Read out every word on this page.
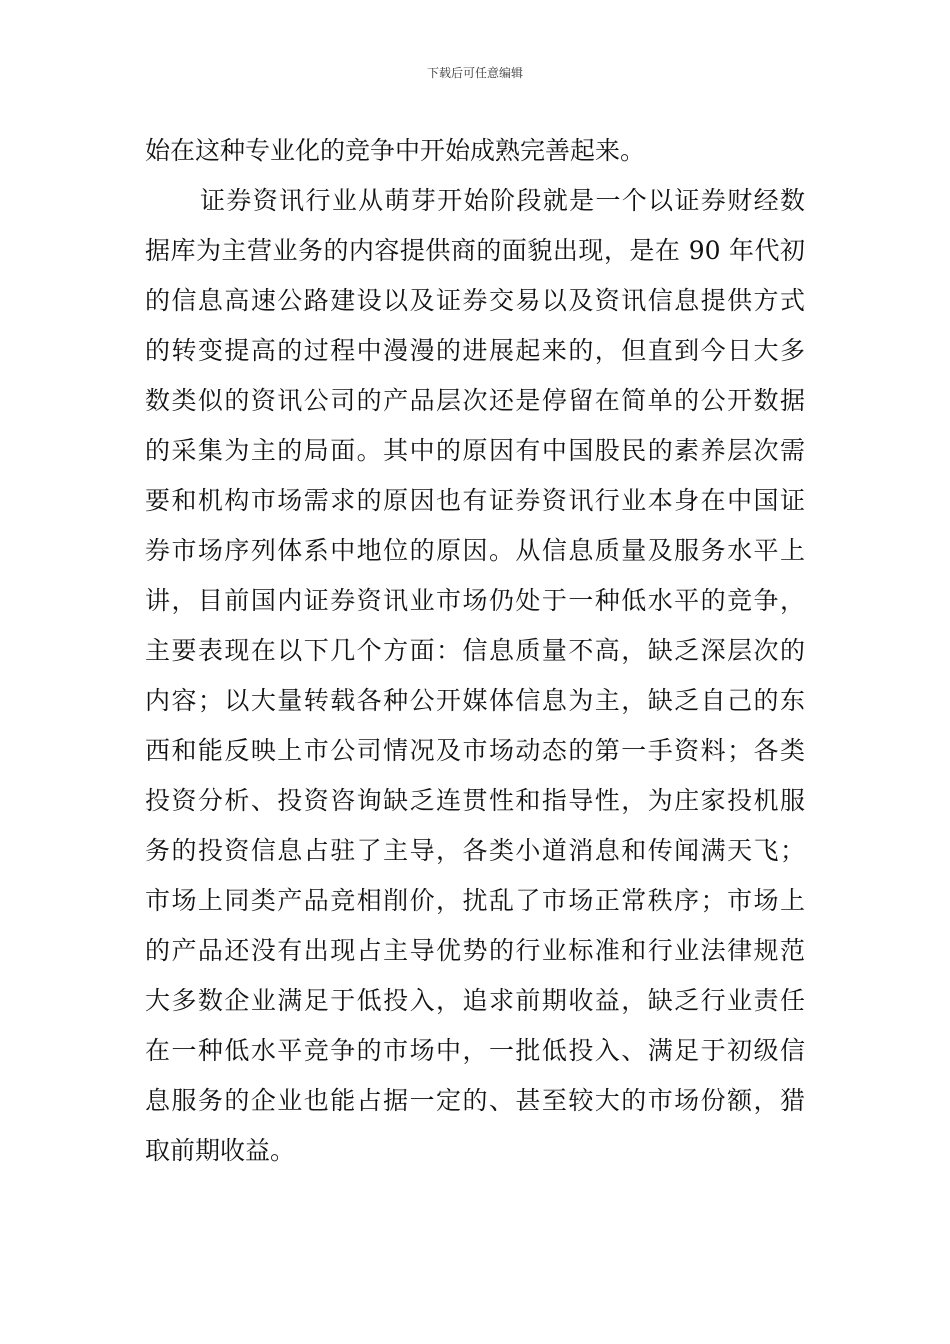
下载后可任意编辑
始在这种专业化的竞争中开始成熟完善起来。
证券资讯行业从萌芽开始阶段就是一个以证券财经数
据库为主营业务的内容提供商的面貌出现，是在 90 年代初
的信息高速公路建设以及证券交易以及资讯信息提供方式
的转变提高的过程中漫漫的进展起来的，但直到今日大多
数类似的资讯公司的产品层次还是停留在简单的公开数据
的采集为主的局面。其中的原因有中国股民的素养层次需
要和机构市场需求的原因也有证券资讯行业本身在中国证
券市场序列体系中地位的原因。从信息质量及服务水平上
讲，目前国内证券资讯业市场仍处于一种低水平的竞争，
主要表现在以下几个方面：信息质量不高，缺乏深层次的
内容；以大量转载各种公开媒体信息为主，缺乏自己的东
西和能反映上市公司情况及市场动态的第一手资料；各类
投资分析、投资咨询缺乏连贯性和指导性，为庄家投机服
务的投资信息占驻了主导，各类小道消息和传闻满天飞；
市场上同类产品竞相削价，扰乱了市场正常秩序；市场上
的产品还没有出现占主导优势的行业标准和行业法律规范
大多数企业满足于低投入，追求前期收益，缺乏行业责任
在一种低水平竞争的市场中，一批低投入、满足于初级信
息服务的企业也能占据一定的、甚至较大的市场份额，猎
取前期收益。
